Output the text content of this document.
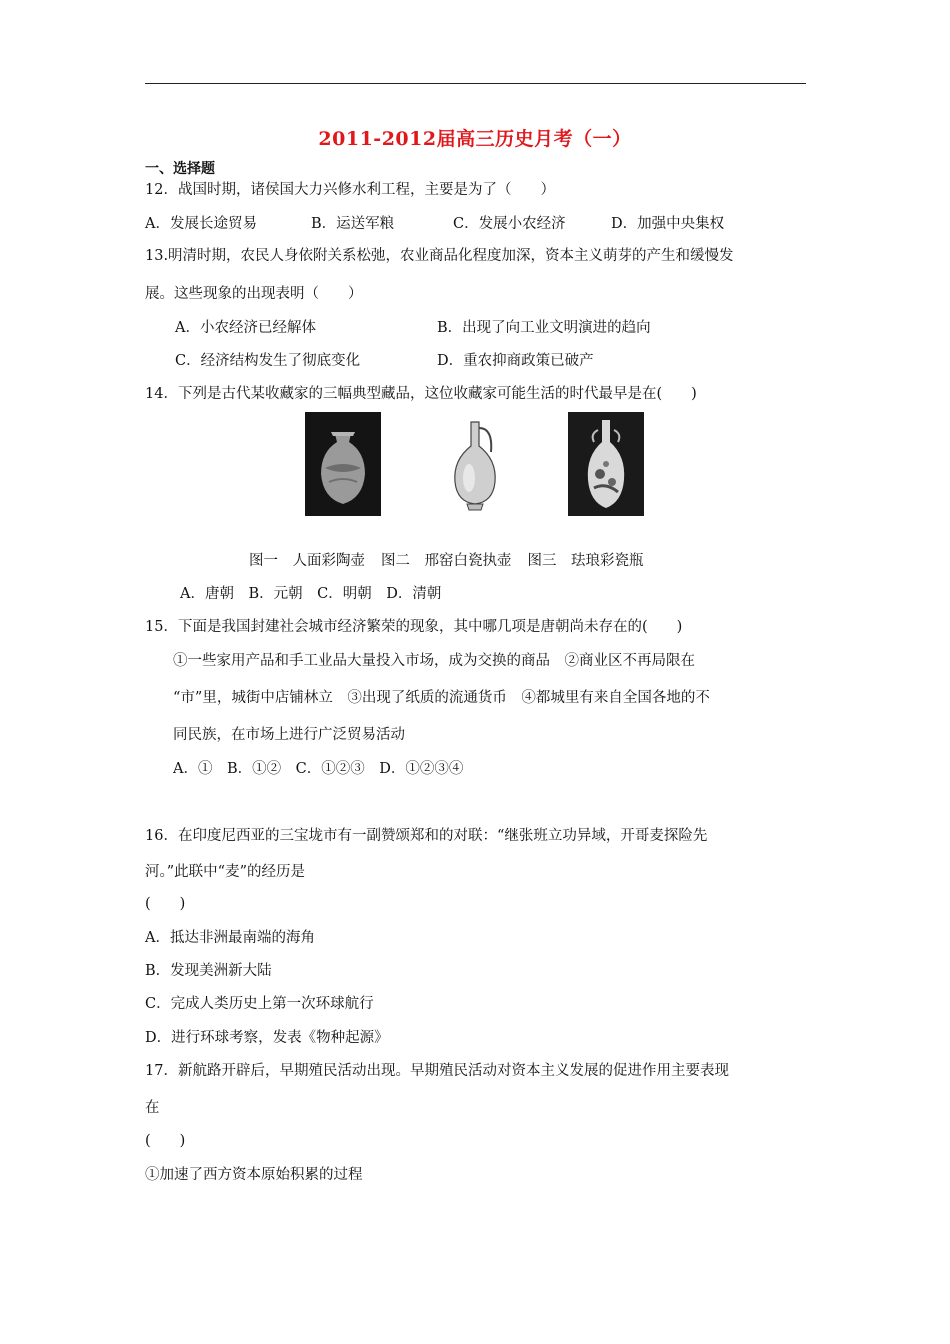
2011-2012届高三历史月考（一）
一、选择题
12．战国时期，诸侯国大力兴修水利工程，主要是为了（　　）
A．发展长途贸易	B．运送军粮	C．发展小农经济	D．加强中央集权
13.明清时期，农民人身依附关系松弛，农业商品化程度加深，资本主义萌芽的产生和缓慢发
展。这些现象的出现表明（　　）
A．小农经济已经解体	B．出现了向工业文明演进的趋向
C．经济结构发生了彻底变化	D．重农抑商政策已破产
14．下列是古代某收藏家的三幅典型藏品，这位收藏家可能生活的时代最早是在(　　)
图一　人面彩陶壶 图二　邢窑白瓷执壶 图三　珐琅彩瓷瓶
A．唐朝　B．元朝　C．明朝　D．清朝
15．下面是我国封建社会城市经济繁荣的现象，其中哪几项是唐朝尚未存在的(　　)
①一些家用产品和手工业品大量投入市场，成为交换的商品　②商业区不再局限在
“市”里，城街中店铺林立　③出现了纸质的流通货币　④都城里有来自全国各地的不
同民族，在市场上进行广泛贸易活动
A．①　B．①②　C．①②③　D．①②③④
16．在印度尼西亚的三宝垅市有一副赞颂郑和的对联：“继张班立功异域，开哥麦探险先
河。”此联中“麦”的经历是
(　　)
A．抵达非洲最南端的海角
B．发现美洲新大陆
C．完成人类历史上第一次环球航行
D．进行环球考察，发表《物种起源》
17．新航路开辟后，早期殖民活动出现。早期殖民活动对资本主义发展的促进作用主要表现
在
(　　)
①加速了西方资本原始积累的过程
